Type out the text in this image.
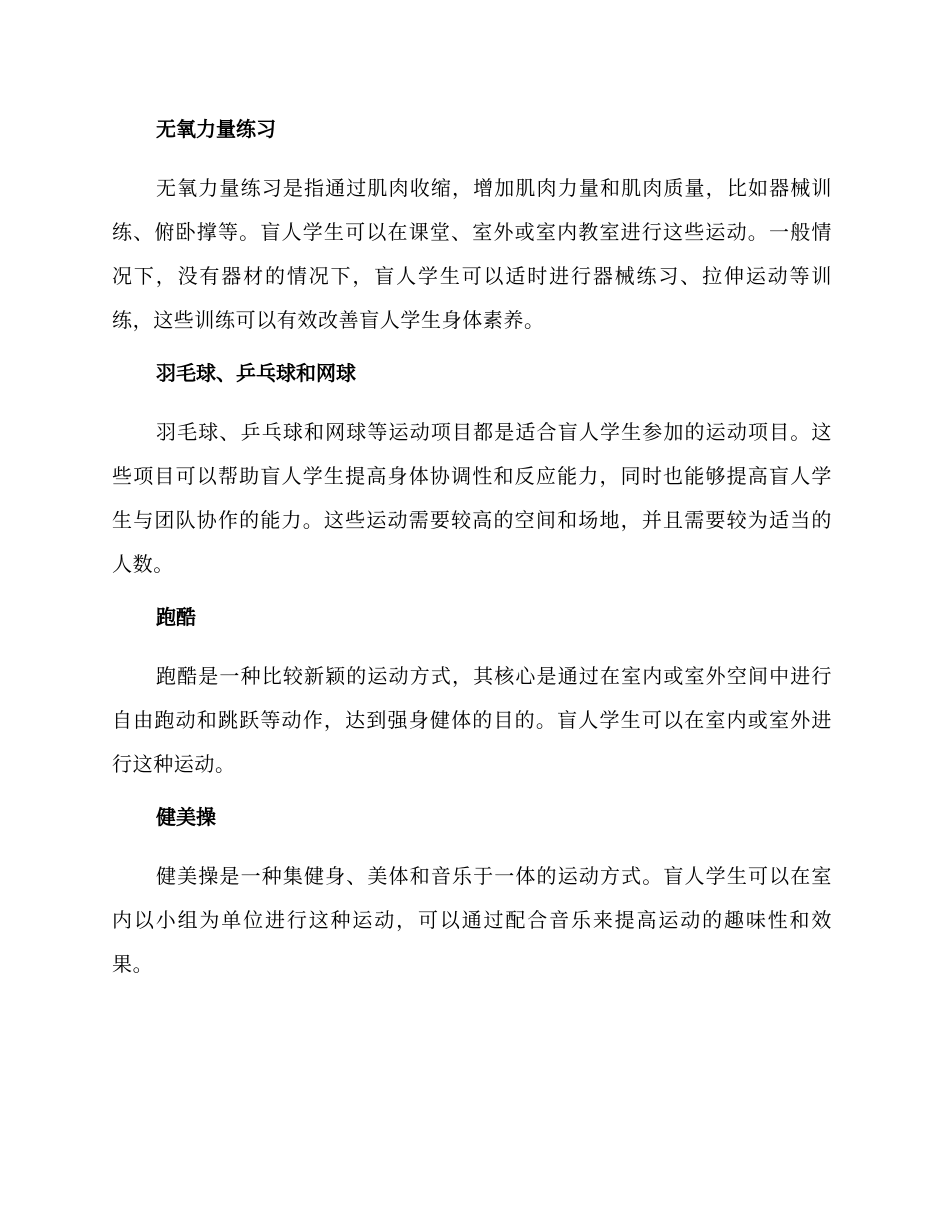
无氧力量练习

无氧力量练习是指通过肌肉收缩，增加肌肉力量和肌肉质量，比如器械训练、俯卧撑等。盲人学生可以在课堂、室外或室内教室进行这些运动。一般情况下，没有器材的情况下，盲人学生可以适时进行器械练习、拉伸运动等训练，这些训练可以有效改善盲人学生身体素养。

羽毛球、乒乓球和网球

羽毛球、乒乓球和网球等运动项目都是适合盲人学生参加的运动项目。这些项目可以帮助盲人学生提高身体协调性和反应能力，同时也能够提高盲人学生与团队协作的能力。这些运动需要较高的空间和场地，并且需要较为适当的人数。

跑酷

跑酷是一种比较新颖的运动方式，其核心是通过在室内或室外空间中进行自由跑动和跳跃等动作，达到强身健体的目的。盲人学生可以在室内或室外进行这种运动。

健美操

健美操是一种集健身、美体和音乐于一体的运动方式。盲人学生可以在室内以小组为单位进行这种运动，可以通过配合音乐来提高运动的趣味性和效果。
